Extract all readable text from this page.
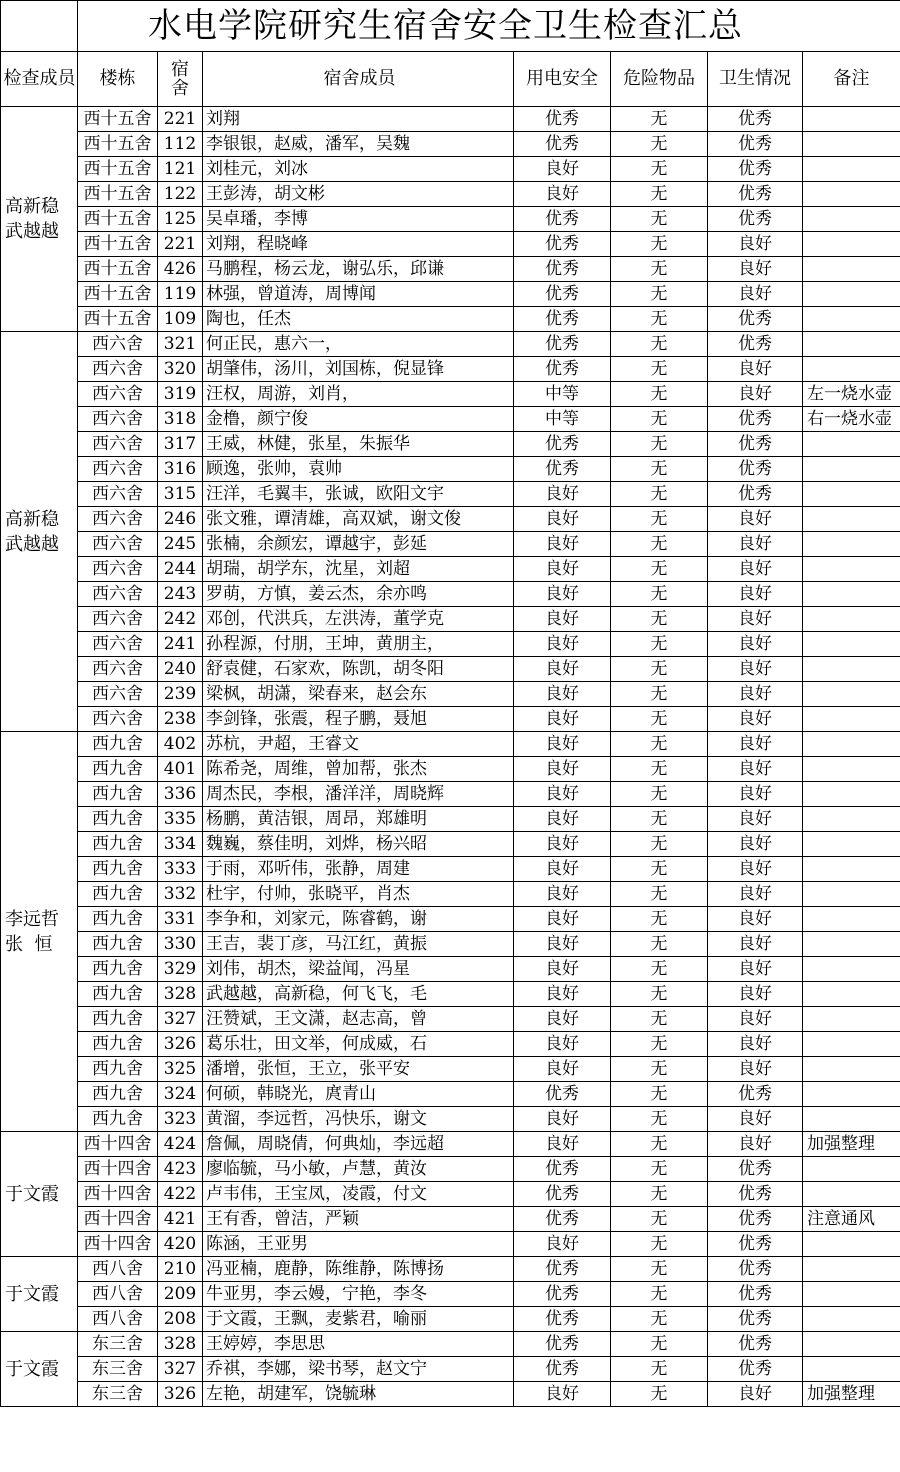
	水电学院研究生宿舍安全卫生检查汇总						
检查成员	楼栋	宿
舍	宿舍成员	用电安全	危险物品	卫生情况	备注
高新稳
武越越	西十五舍	221	刘翔	优秀	无	优秀	
	西十五舍	112	李银银，赵威，潘军，吴魏	优秀	无	优秀	
	西十五舍	121	刘桂元，刘冰	良好	无	优秀	
	西十五舍	122	王彭涛，胡文彬	良好	无	优秀	
	西十五舍	125	吴卓璠，李博	优秀	无	优秀	
	西十五舍	221	刘翔，程晓峰	优秀	无	良好	
	西十五舍	426	马鹏程，杨云龙，谢弘乐，邱谦	优秀	无	良好	
	西十五舍	119	林强，曾道涛，周博闻	优秀	无	良好	
	西十五舍	109	陶也，任杰	优秀	无	优秀	
高新稳
武越越	西六舍	321	何正民，惠六一，	优秀	无	优秀	
	西六舍	320	胡肇伟，汤川，刘国栋，倪显锋	优秀	无	良好	
	西六舍	319	汪权，周游，刘肖，	中等	无	良好	左一烧水壶
	西六舍	318	金橹，颜宁俊	中等	无	优秀	右一烧水壶
	西六舍	317	王威，林健，张星，朱振华	优秀	无	优秀	
	西六舍	316	顾逸，张帅，袁帅	优秀	无	优秀	
	西六舍	315	汪洋，毛翼丰，张诚，欧阳文宇	良好	无	优秀	
	西六舍	246	张文雅，谭清雄，高双斌，谢文俊	良好	无	良好	
	西六舍	245	张楠，余颜宏，谭越宇，彭延	良好	无	良好	
	西六舍	244	胡瑞，胡学东，沈星，刘超	良好	无	良好	
	西六舍	243	罗萌，方慎，姜云杰，余亦鸣	良好	无	良好	
	西六舍	242	邓创，代洪兵，左洪涛，董学克	良好	无	良好	
	西六舍	241	孙程源，付朋，王坤，黄朋主，	良好	无	良好	
	西六舍	240	舒袁健，石家欢，陈凯，胡冬阳	良好	无	良好	
	西六舍	239	梁枫，胡潇，梁春来，赵会东	良好	无	良好	
	西六舍	238	李剑锋，张震，程子鹏，聂旭	良好	无	良好	
李远哲
张  恒	西九舍	402	苏杭，尹超，王睿文	良好	无	良好	
	西九舍	401	陈希尧，周维，曾加帮，张杰	良好	无	良好	
	西九舍	336	周杰民，李根，潘洋洋，周晓辉	良好	无	良好	
	西九舍	335	杨鹏，黄洁银，周昂，郑雄明	良好	无	良好	
	西九舍	334	魏巍，蔡佳明，刘烨，杨兴昭	良好	无	良好	
	西九舍	333	于雨，邓听伟，张静，周建	良好	无	良好	
	西九舍	332	杜宇，付帅，张晓平，肖杰	良好	无	良好	
	西九舍	331	李争和，刘家元，陈睿鹤，谢	良好	无	良好	
	西九舍	330	王吉，裴丁彦，马江红，黄振	良好	无	良好	
	西九舍	329	刘伟，胡杰，梁益闻，冯星	良好	无	良好	
	西九舍	328	武越越，高新稳，何飞飞，毛	良好	无	良好	
	西九舍	327	汪赞斌，王文潇，赵志高，曾	良好	无	良好	
	西九舍	326	葛乐壮，田文举，何成威，石	良好	无	良好	
	西九舍	325	潘增，张恒，王立，张平安	良好	无	良好	
	西九舍	324	何硕，韩晓光，庹青山	优秀	无	优秀	
	西九舍	323	黄溜，李远哲，冯快乐，谢文	良好	无	良好	
于文霞	西十四舍	424	詹佩，周晓倩，何典灿，李远超	良好	无	良好	加强整理
	西十四舍	423	廖临毓，马小敏，卢慧，黄汝	优秀	无	优秀	
	西十四舍	422	卢韦伟，王宝凤，凌霞，付文	优秀	无	优秀	
	西十四舍	421	王有香，曾洁，严颖	优秀	无	优秀	注意通风
	西十四舍	420	陈涵，王亚男	良好	无	优秀	
于文霞	西八舍	210	冯亚楠，鹿静，陈维静，陈博扬	优秀	无	优秀	
	西八舍	209	牛亚男，李云嫚，宁艳，李冬	优秀	无	优秀	
	西八舍	208	于文霞，王飘，麦紫君，喻丽	优秀	无	优秀	
于文霞	东三舍	328	王婷婷，李思思	优秀	无	优秀	
	东三舍	327	乔祺，李娜，梁书琴，赵文宁	优秀	无	优秀	
	东三舍	326	左艳，胡建军，饶毓琳	良好	无	良好	加强整理
